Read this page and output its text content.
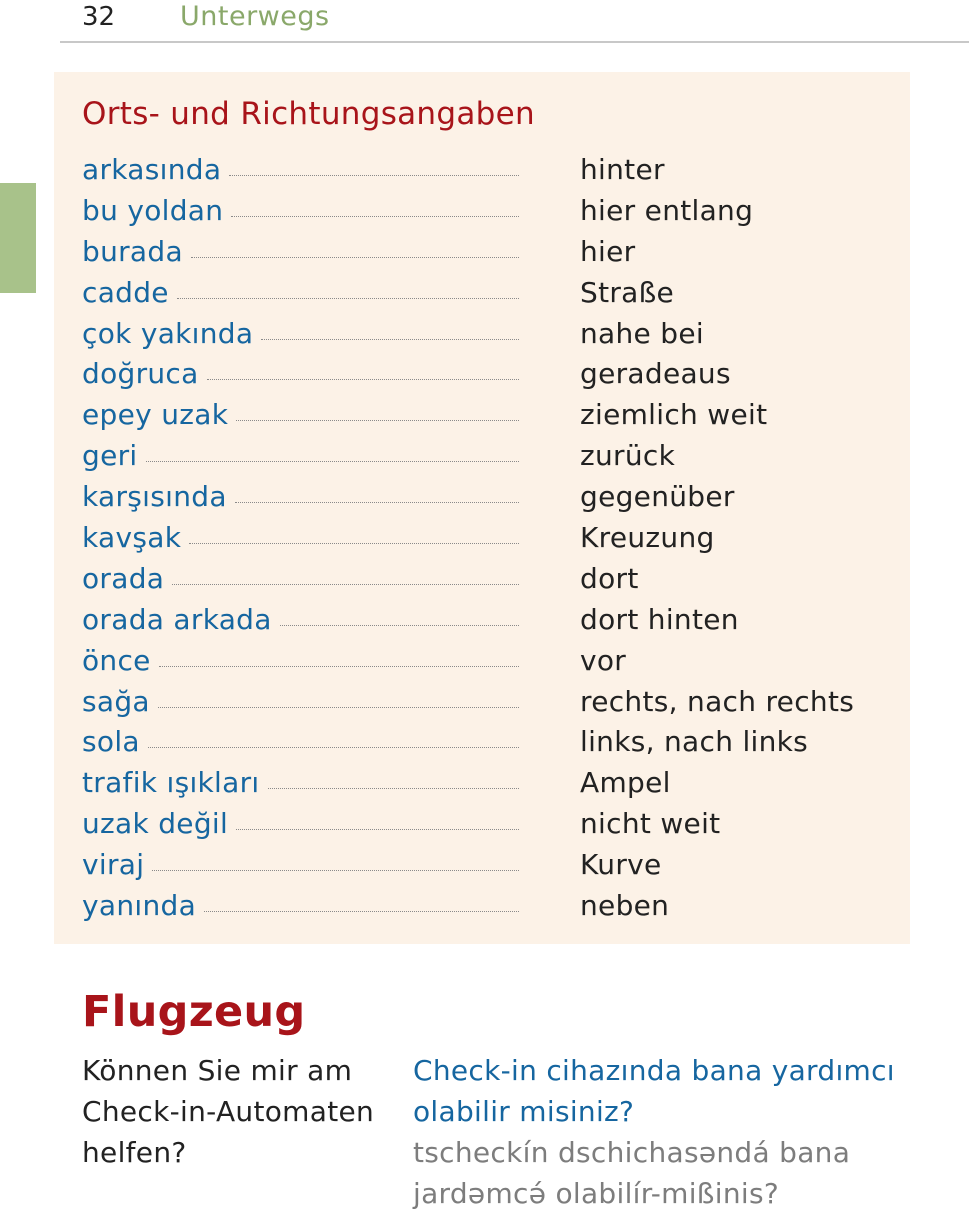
32 Unterwegs
Orts- und Richtungsangaben
arkasında	hinter
bu yoldan	hier entlang
burada	hier
cadde	Straße
çok yakında	nahe bei
doğruca	geradeaus
epey uzak	ziemlich weit
geri	zurück
karşısında	gegenüber
kavşak	Kreuzung
orada	dort
orada arkada	dort hinten
önce	vor
sağa	rechts, nach rechts
sola	links, nach links
trafik ışıkları	Ampel
uzak değil	nicht weit
viraj	Kurve
yanında	neben
Flugzeug
Können Sie mir am Check-in-Automaten helfen?
Check-in cihazında bana yardımcı olabilir misiniz?
tscheckín dschichasəndá bana jardəmcə́ olabilír-mißinis?
